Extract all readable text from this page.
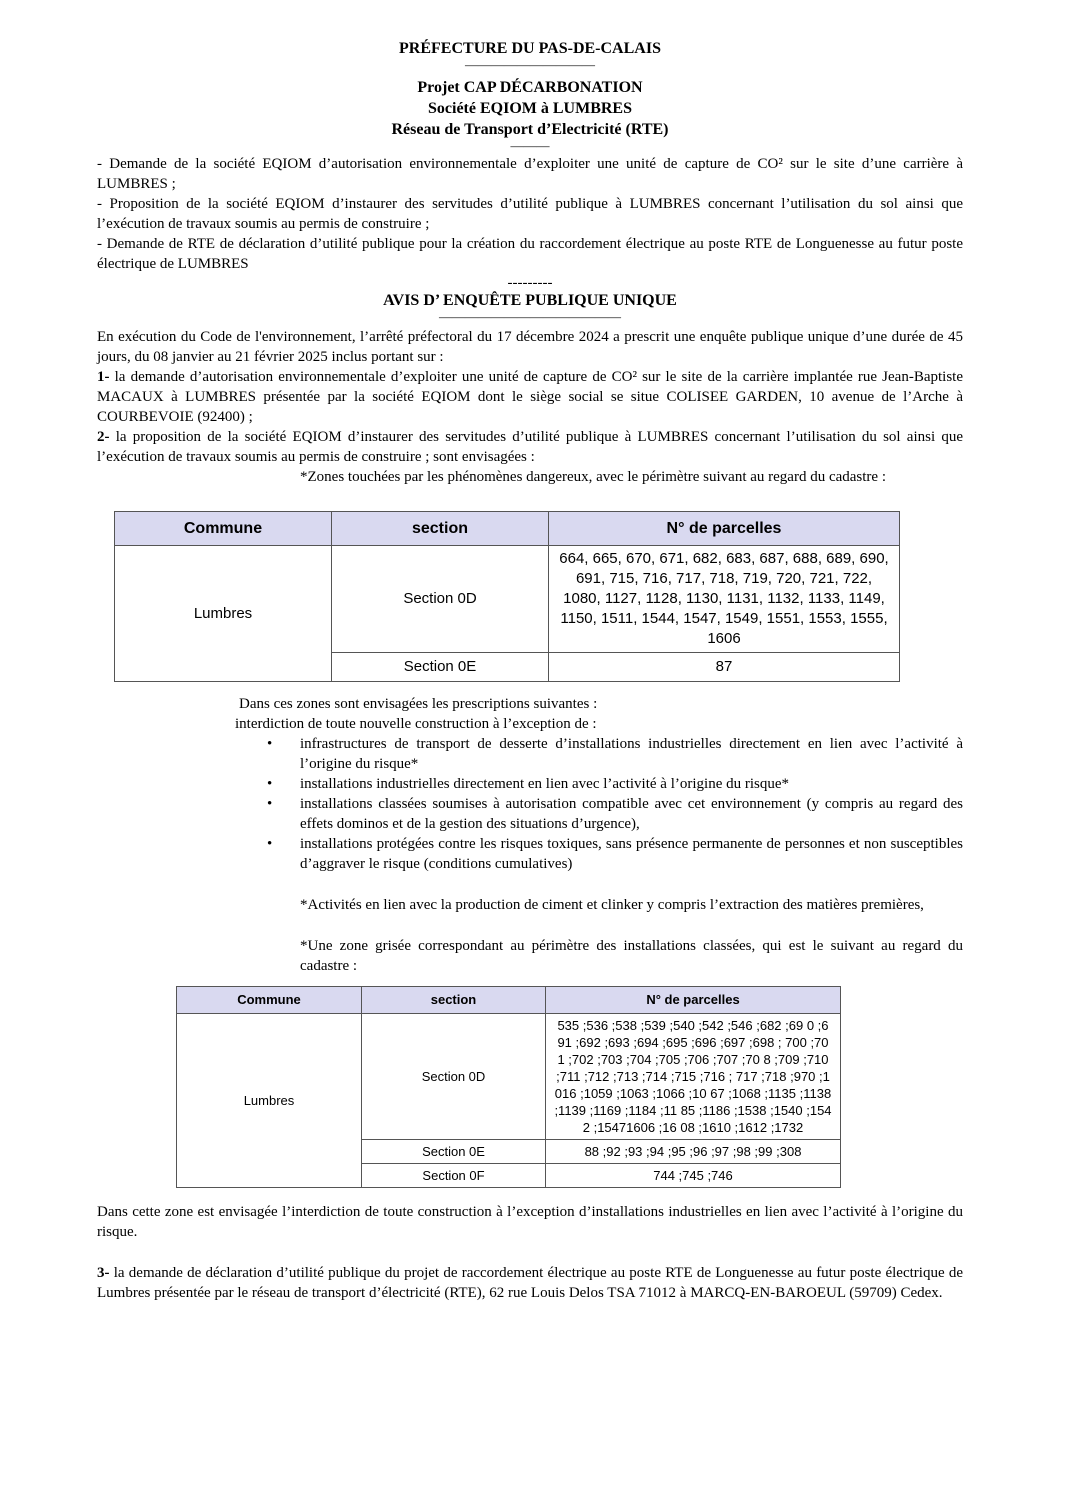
PRÉFECTURE DU PAS-DE-CALAIS
——————————
Projet CAP DÉCARBONATION
Société EQIOM à LUMBRES
Réseau de Transport d’Electricité (RTE)
———

- Demande de la société EQIOM d’autorisation environnementale d’exploiter une unité de capture de CO² sur le site d’une carrière à LUMBRES ;

- Proposition de la société EQIOM d’instaurer des servitudes d’utilité publique à LUMBRES concernant l’utilisation du sol ainsi que l’exécution de travaux soumis au permis de construire ;

- Demande de RTE de déclaration d’utilité publique pour la création du raccordement électrique au poste RTE de Longuenesse au futur poste électrique de LUMBRES

---------
AVIS D’ ENQUÊTE PUBLIQUE UNIQUE
——————————————

En exécution du Code de l'environnement, l’arrêté préfectoral du 17 décembre 2024 a prescrit une enquête publique unique d’une durée de 45 jours, du 08 janvier au 21 février 2025 inclus portant sur :

1- la demande d’autorisation environnementale d’exploiter une unité de capture de CO² sur le site de la carrière implantée rue Jean-Baptiste MACAUX à LUMBRES présentée par la société EQIOM dont le siège social se situe COLISEE GARDEN, 10 avenue de l’Arche à COURBEVOIE (92400) ;

2- la proposition de la société EQIOM d’instaurer des servitudes d’utilité publique à LUMBRES concernant l’utilisation du sol ainsi que l’exécution de travaux soumis au permis de construire ; sont envisagées :

*Zones touchées par les phénomènes dangereux, avec le périmètre suivant au regard du cadastre :

Commune	section	N° de parcelles
Lumbres	Section 0D	664, 665, 670, 671, 682, 683, 687, 688, 689, 690, 691, 715, 716, 717, 718, 719, 720, 721, 722, 1080, 1127, 1128, 1130, 1131, 1132, 1133, 1149, 1150, 1511, 1544, 1547, 1549, 1551, 1553, 1555, 1606
	Section 0E	87
Dans ces zones sont envisagées les prescriptions suivantes :
interdiction de toute nouvelle construction à l’exception de :
• infrastructures de transport de desserte d’installations industrielles directement en lien avec l’activité à l’origine du risque*
• installations industrielles directement en lien avec l’activité à l’origine du risque*
• installations classées soumises à autorisation compatible avec cet environnement (y compris au regard des effets dominos et de la gestion des situations d’urgence),
• installations protégées contre les risques toxiques, sans présence permanente de personnes et non susceptibles d’aggraver le risque (conditions cumulatives)

*Activités en lien avec la production de ciment et clinker y compris l’extraction des matières premières,

*Une zone grisée correspondant au périmètre des installations classées, qui est le suivant au regard du cadastre :

Commune	section	N° de parcelles
Lumbres	Section 0D	535 ;536 ;538 ;539 ;540 ;542 ;546 ;682 ;69 0 ;691 ;692 ;693 ;694 ;695 ;696 ;697 ;698 ; 700 ;701 ;702 ;703 ;704 ;705 ;706 ;707 ;70 8 ;709 ;710 ;711 ;712 ;713 ;714 ;715 ;716 ; 717 ;718 ;970 ;1016 ;1059 ;1063 ;1066 ;10 67 ;1068 ;1135 ;1138 ;1139 ;1169 ;1184 ;11 85 ;1186 ;1538 ;1540 ;1542 ;15471606 ;16 08 ;1610 ;1612 ;1732
	Section 0E	88 ;92 ;93 ;94 ;95 ;96 ;97 ;98 ;99 ;308
	Section 0F	744 ;745 ;746

Dans cette zone est envisagée l’interdiction de toute construction à l’exception d’installations industrielles en lien avec l’activité à l’origine du risque.

3- la demande de déclaration d’utilité publique du projet de raccordement électrique au poste RTE de Longuenesse au futur poste électrique de Lumbres présentée par le réseau de transport d’électricité (RTE), 62 rue Louis Delos TSA 71012 à MARCQ-EN-BAROEUL (59709) Cedex.
